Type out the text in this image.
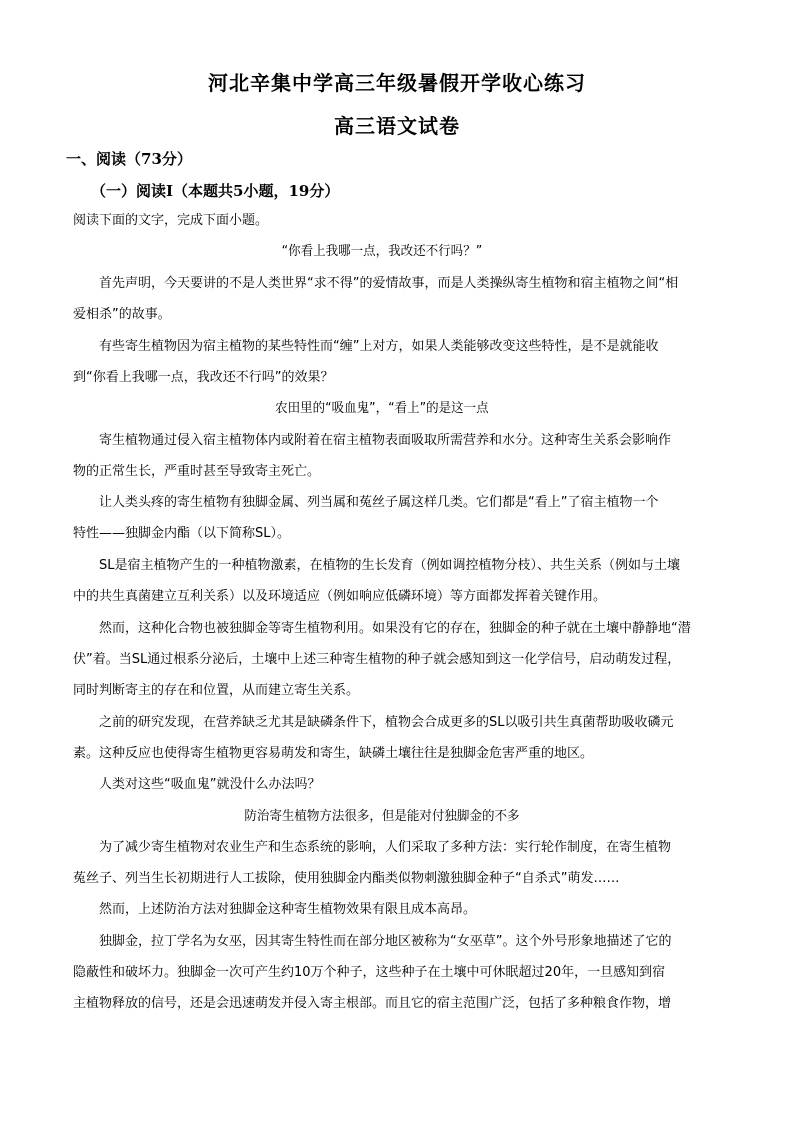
河北辛集中学高三年级暑假开学收心练习
高三语文试卷
一、阅读（73分）
（一）阅读Ⅰ（本题共5小题，19分）
阅读下面的文字，完成下面小题。
“你看上我哪一点，我改还不行吗？”
首先声明，今天要讲的不是人类世界“求不得”的爱情故事，而是人类操纵寄生植物和宿主植物之间“相
爱相杀”的故事。
有些寄生植物因为宿主植物的某些特性而“缠”上对方，如果人类能够改变这些特性，是不是就能收
到“你看上我哪一点，我改还不行吗”的效果？
农田里的“吸血鬼”，“看上”的是这一点
寄生植物通过侵入宿主植物体内或附着在宿主植物表面吸取所需营养和水分。这种寄生关系会影响作
物的正常生长，严重时甚至导致寄主死亡。
让人类头疼的寄生植物有独脚金属、列当属和菟丝子属这样几类。它们都是“看上”了宿主植物一个
特性——独脚金内酯（以下简称SL）。
SL是宿主植物产生的一种植物激素，在植物的生长发育（例如调控植物分枝）、共生关系（例如与土壤
中的共生真菌建立互利关系）以及环境适应（例如响应低磷环境）等方面都发挥着关键作用。
然而，这种化合物也被独脚金等寄生植物利用。如果没有它的存在，独脚金的种子就在土壤中静静地“潜
伏”着。当SL通过根系分泌后，土壤中上述三种寄生植物的种子就会感知到这一化学信号，启动萌发过程，
同时判断寄主的存在和位置，从而建立寄生关系。
之前的研究发现，在营养缺乏尤其是缺磷条件下，植物会合成更多的SL以吸引共生真菌帮助吸收磷元
素。这种反应也使得寄生植物更容易萌发和寄生，缺磷土壤往往是独脚金危害严重的地区。
人类对这些“吸血鬼”就没什么办法吗？
防治寄生植物方法很多，但是能对付独脚金的不多
为了减少寄生植物对农业生产和生态系统的影响，人们采取了多种方法：实行轮作制度，在寄生植物
菟丝子、列当生长初期进行人工拔除，使用独脚金内酯类似物刺激独脚金种子“自杀式”萌发……
然而，上述防治方法对独脚金这种寄生植物效果有限且成本高昂。
独脚金，拉丁学名为女巫，因其寄生特性而在部分地区被称为“女巫草”。这个外号形象地描述了它的
隐蔽性和破坏力。独脚金一次可产生约10万个种子，这些种子在土壤中可休眠超过20年，一旦感知到宿
主植物释放的信号，还是会迅速萌发并侵入寄主根部。而且它的宿主范围广泛，包括了多种粮食作物，增
